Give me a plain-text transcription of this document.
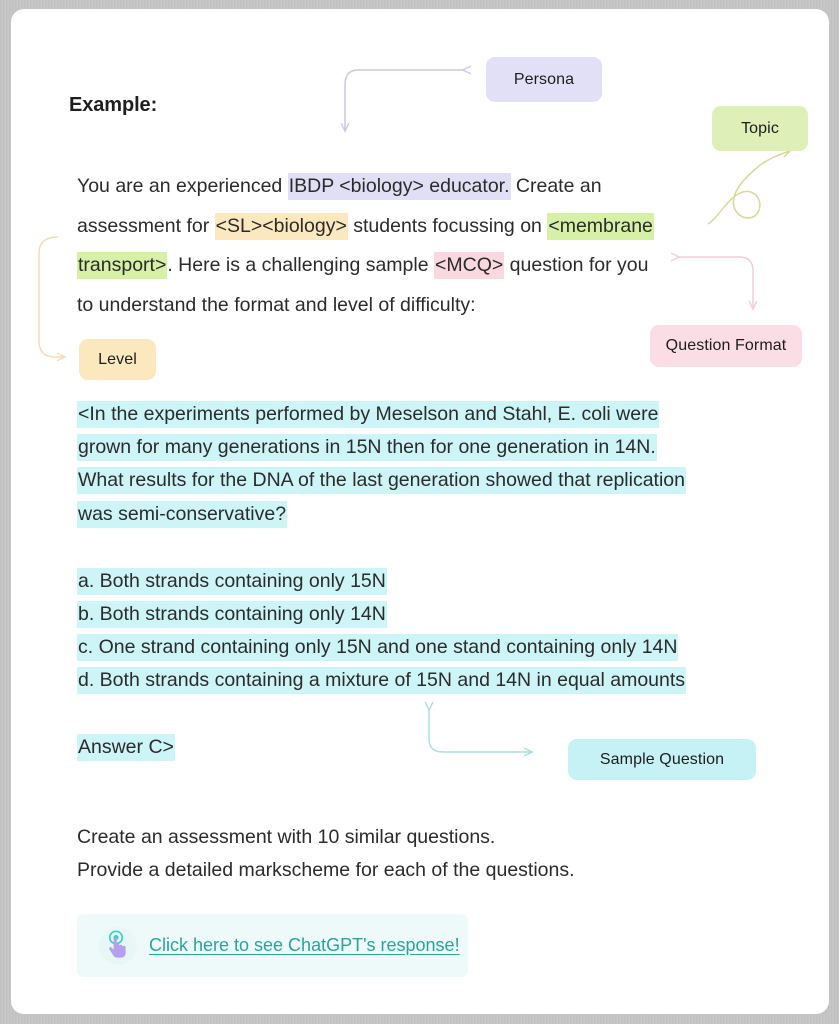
Example:
Persona
Topic
Level
Question Format
Sample Question
You are an experienced IBDP <biology> educator. Create an
assessment for <SL><biology> students focussing on <membrane
transport>. Here is a challenging sample <MCQ> question for you
to understand the format and level of difficulty:
<In the experiments performed by Meselson and Stahl, E. coli were
grown for many generations in 15N then for one generation in 14N.
What results for the DNA of the last generation showed that replication
was semi-conservative?
a. Both strands containing only 15N
b. Both strands containing only 14N
c. One strand containing only 15N and one stand containing only 14N
d. Both strands containing a mixture of 15N and 14N in equal amounts
Answer C>
Create an assessment with 10 similar questions.
Provide a detailed markscheme for each of the questions.
Click here to see ChatGPT's response!
